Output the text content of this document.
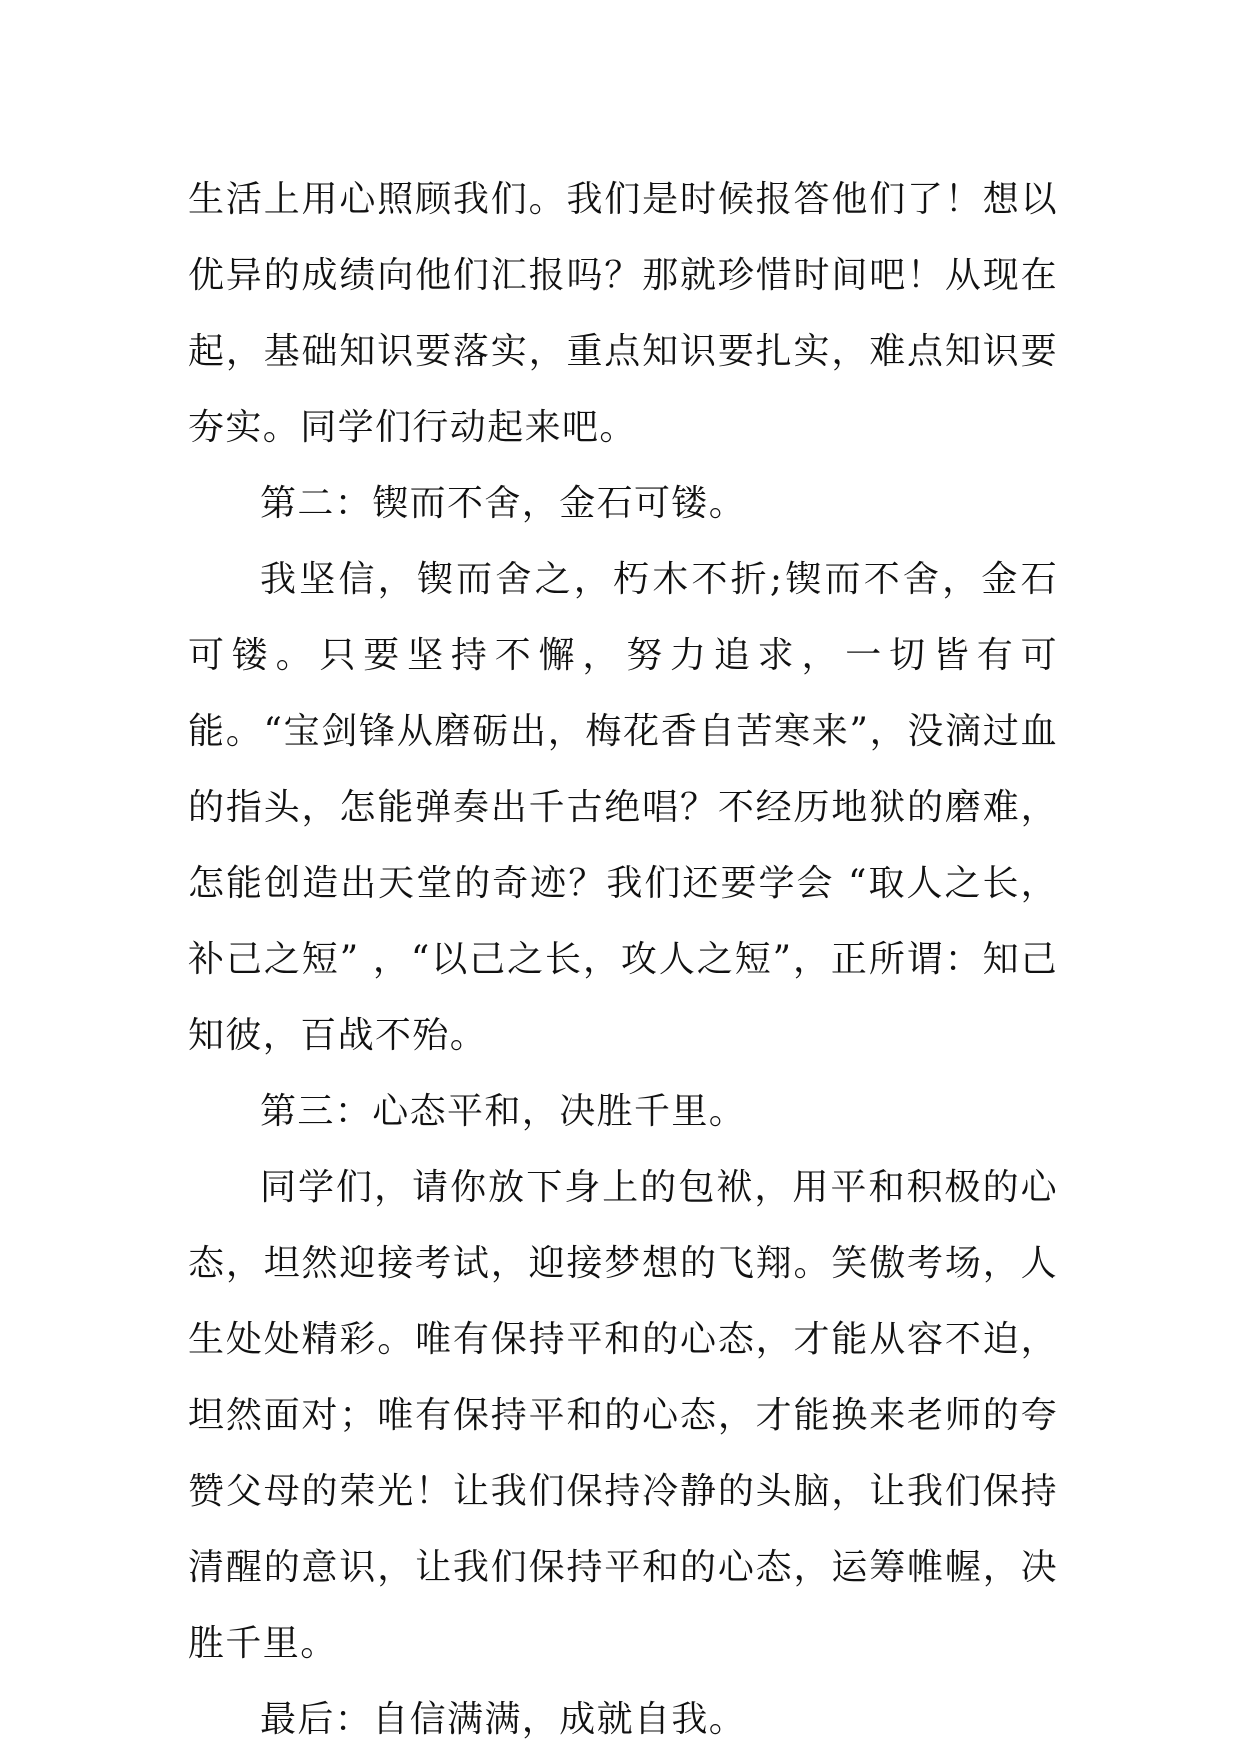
生活上用心照顾我们。我们是时候报答他们了！想以优异的成绩向他们汇报吗？那就珍惜时间吧！从现在起，基础知识要落实，重点知识要扎实，难点知识要夯实。同学们行动起来吧。

第二：锲而不舍，金石可镂。

我坚信，锲而舍之，朽木不折;锲而不舍，金石可镂。只要坚持不懈，努力追求，一切皆有可能。“宝剑锋从磨砺出，梅花香自苦寒来”，没滴过血的指头，怎能弹奏出千古绝唱？不经历地狱的磨难，怎能创造出天堂的奇迹？我们还要学会 “取人之长，补己之短” ，“以己之长，攻人之短”，正所谓：知己知彼，百战不殆。

第三：心态平和，决胜千里。

同学们，请你放下身上的包袱，用平和积极的心态，坦然迎接考试，迎接梦想的飞翔。笑傲考场，人生处处精彩。唯有保持平和的心态，才能从容不迫，坦然面对；唯有保持平和的心态，才能换来老师的夸赞父母的荣光！让我们保持冷静的头脑，让我们保持清醒的意识，让我们保持平和的心态，运筹帷幄，决胜千里。

最后：自信满满，成就自我。
